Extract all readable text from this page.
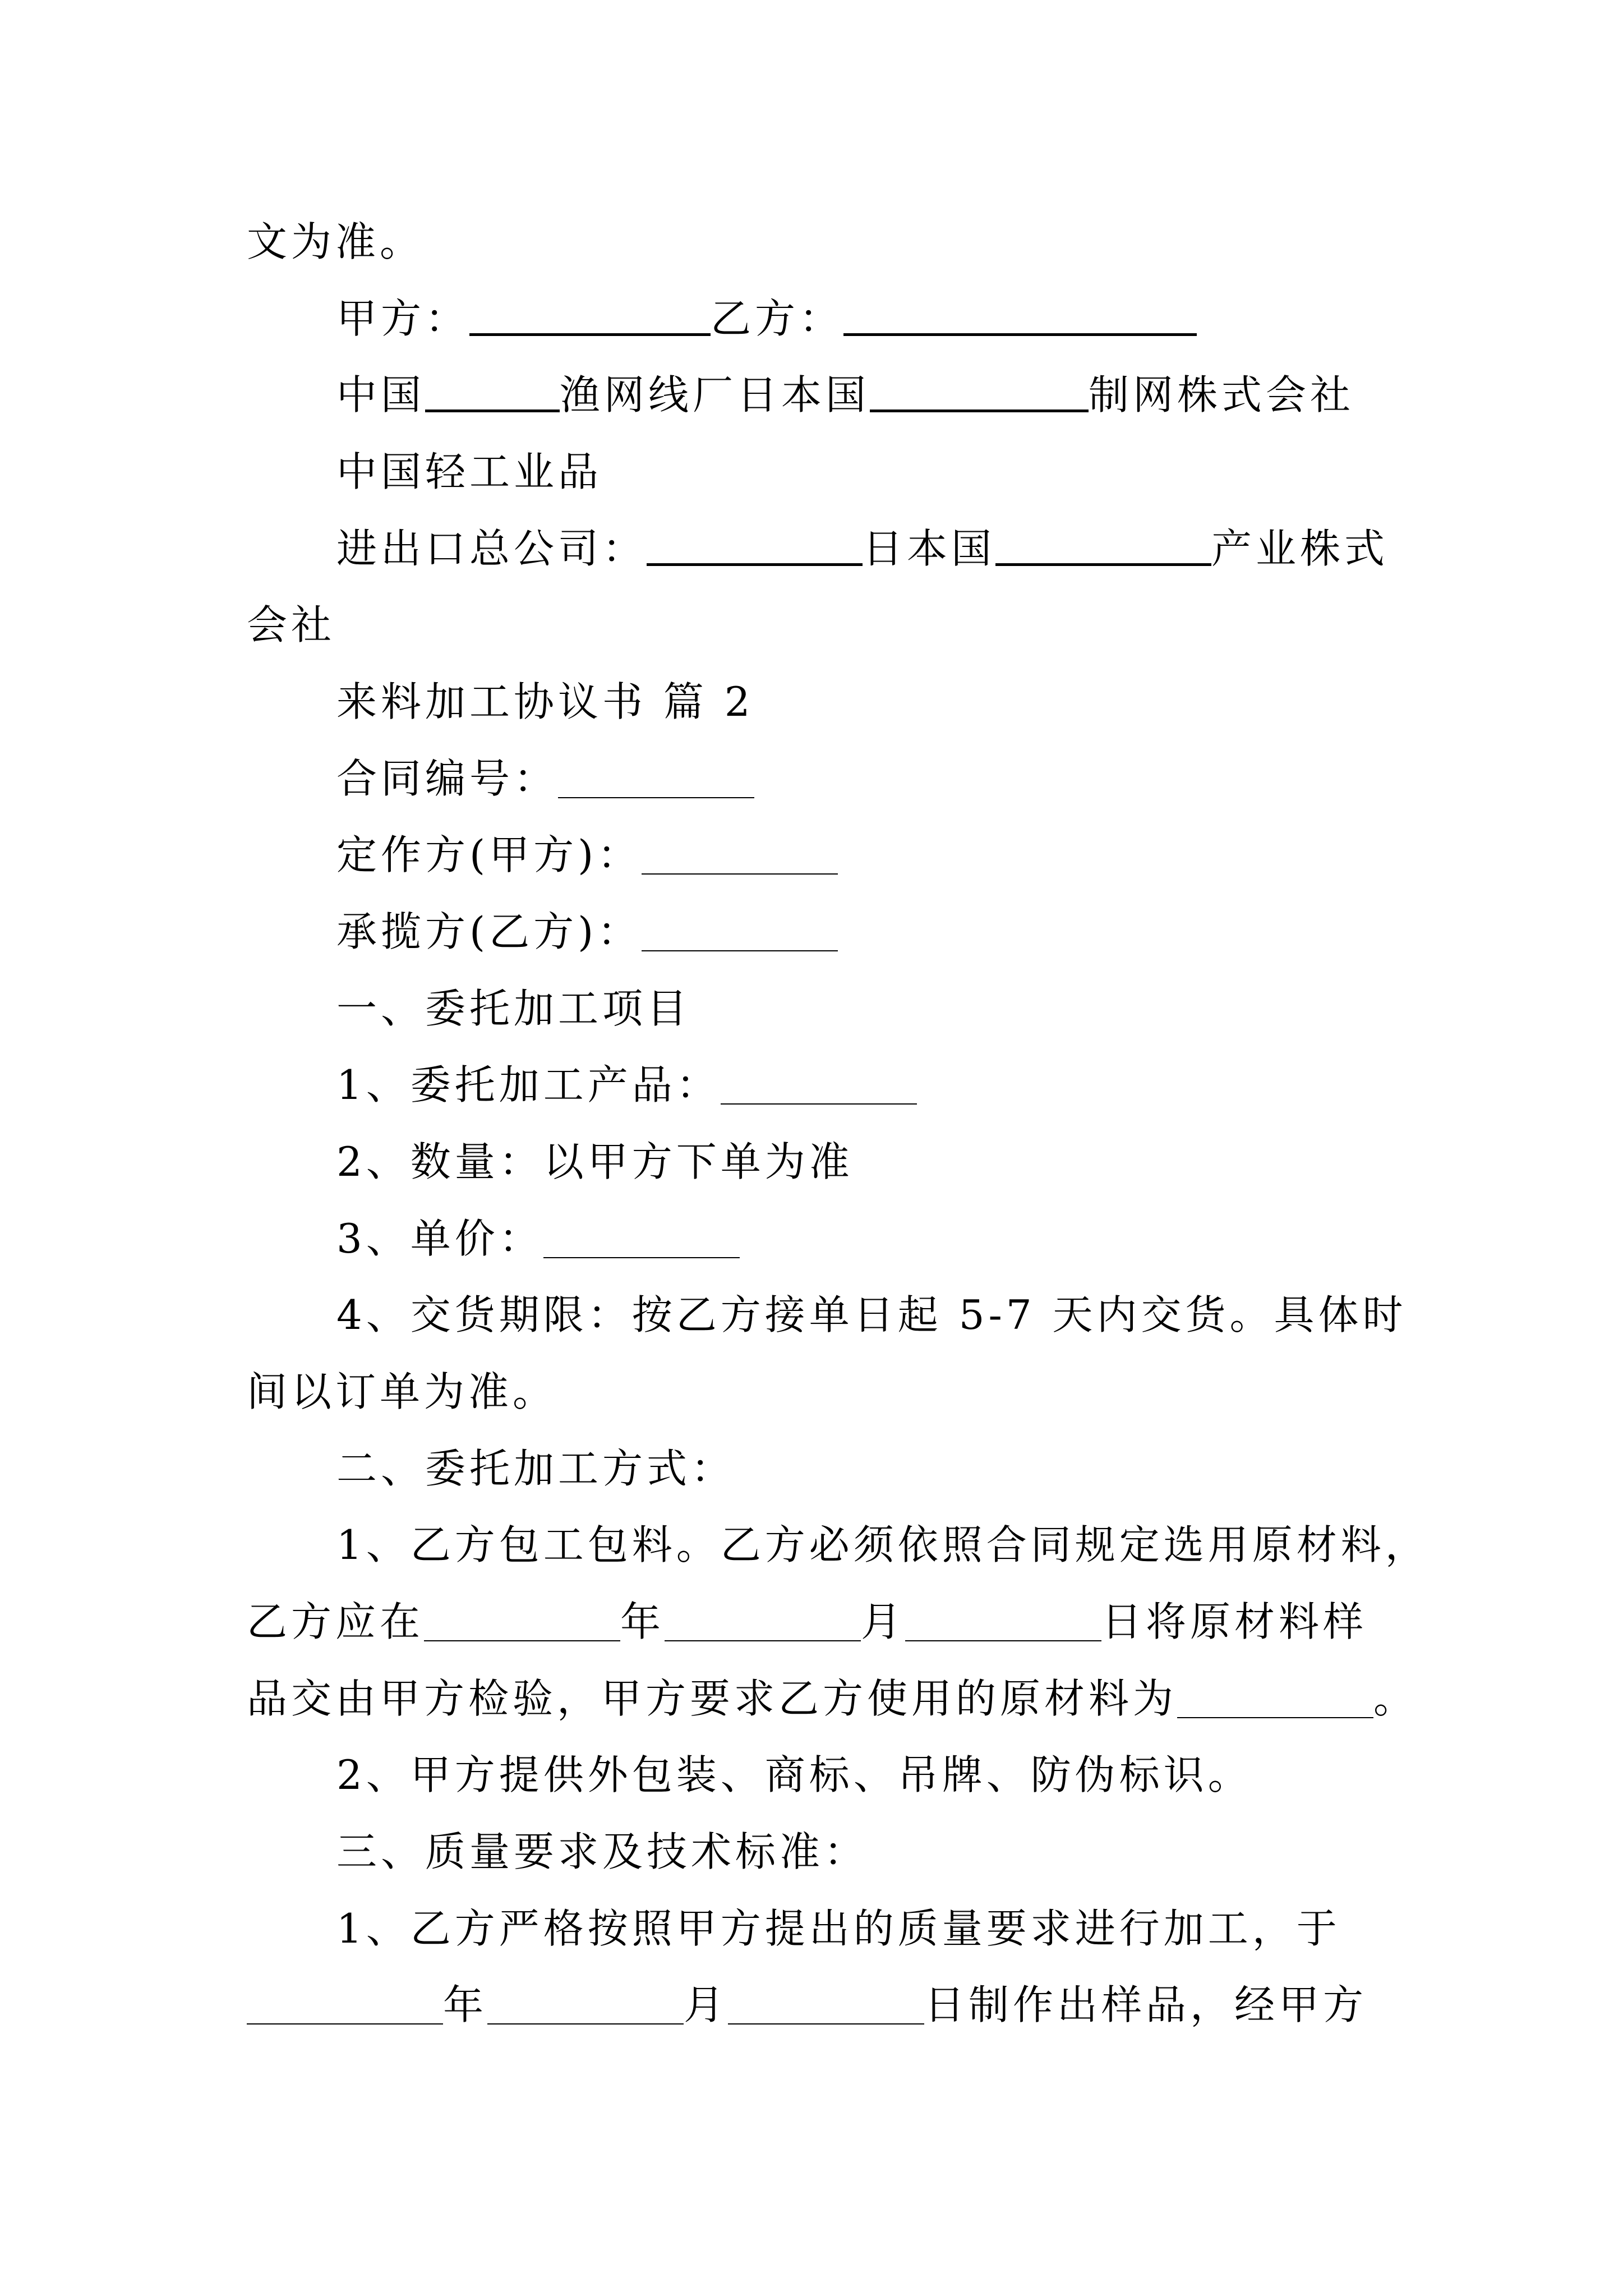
文为准。
甲方：	乙方：
中国	渔网线厂日本国	制网株式会社
中国轻工业品
进出口总公司：	日本国	产业株式
会社
来料加工协议书 篇 2
合同编号：
定作方(甲方)：
承揽方(乙方)：
一、委托加工项目
1、委托加工产品：
2、数量：以甲方下单为准
3、单价：
4、交货期限：按乙方接单日起 5-7 天内交货。具体时
间以订单为准。
二、委托加工方式：
1、乙方包工包料。乙方必须依照合同规定选用原材料，
乙方应在	年	月	日将原材料样
品交由甲方检验，甲方要求乙方使用的原材料为	。
2、甲方提供外包装、商标、吊牌、防伪标识。
三、质量要求及技术标准：
1、乙方严格按照甲方提出的质量要求进行加工，于
年	月	日制作出样品，经甲方
